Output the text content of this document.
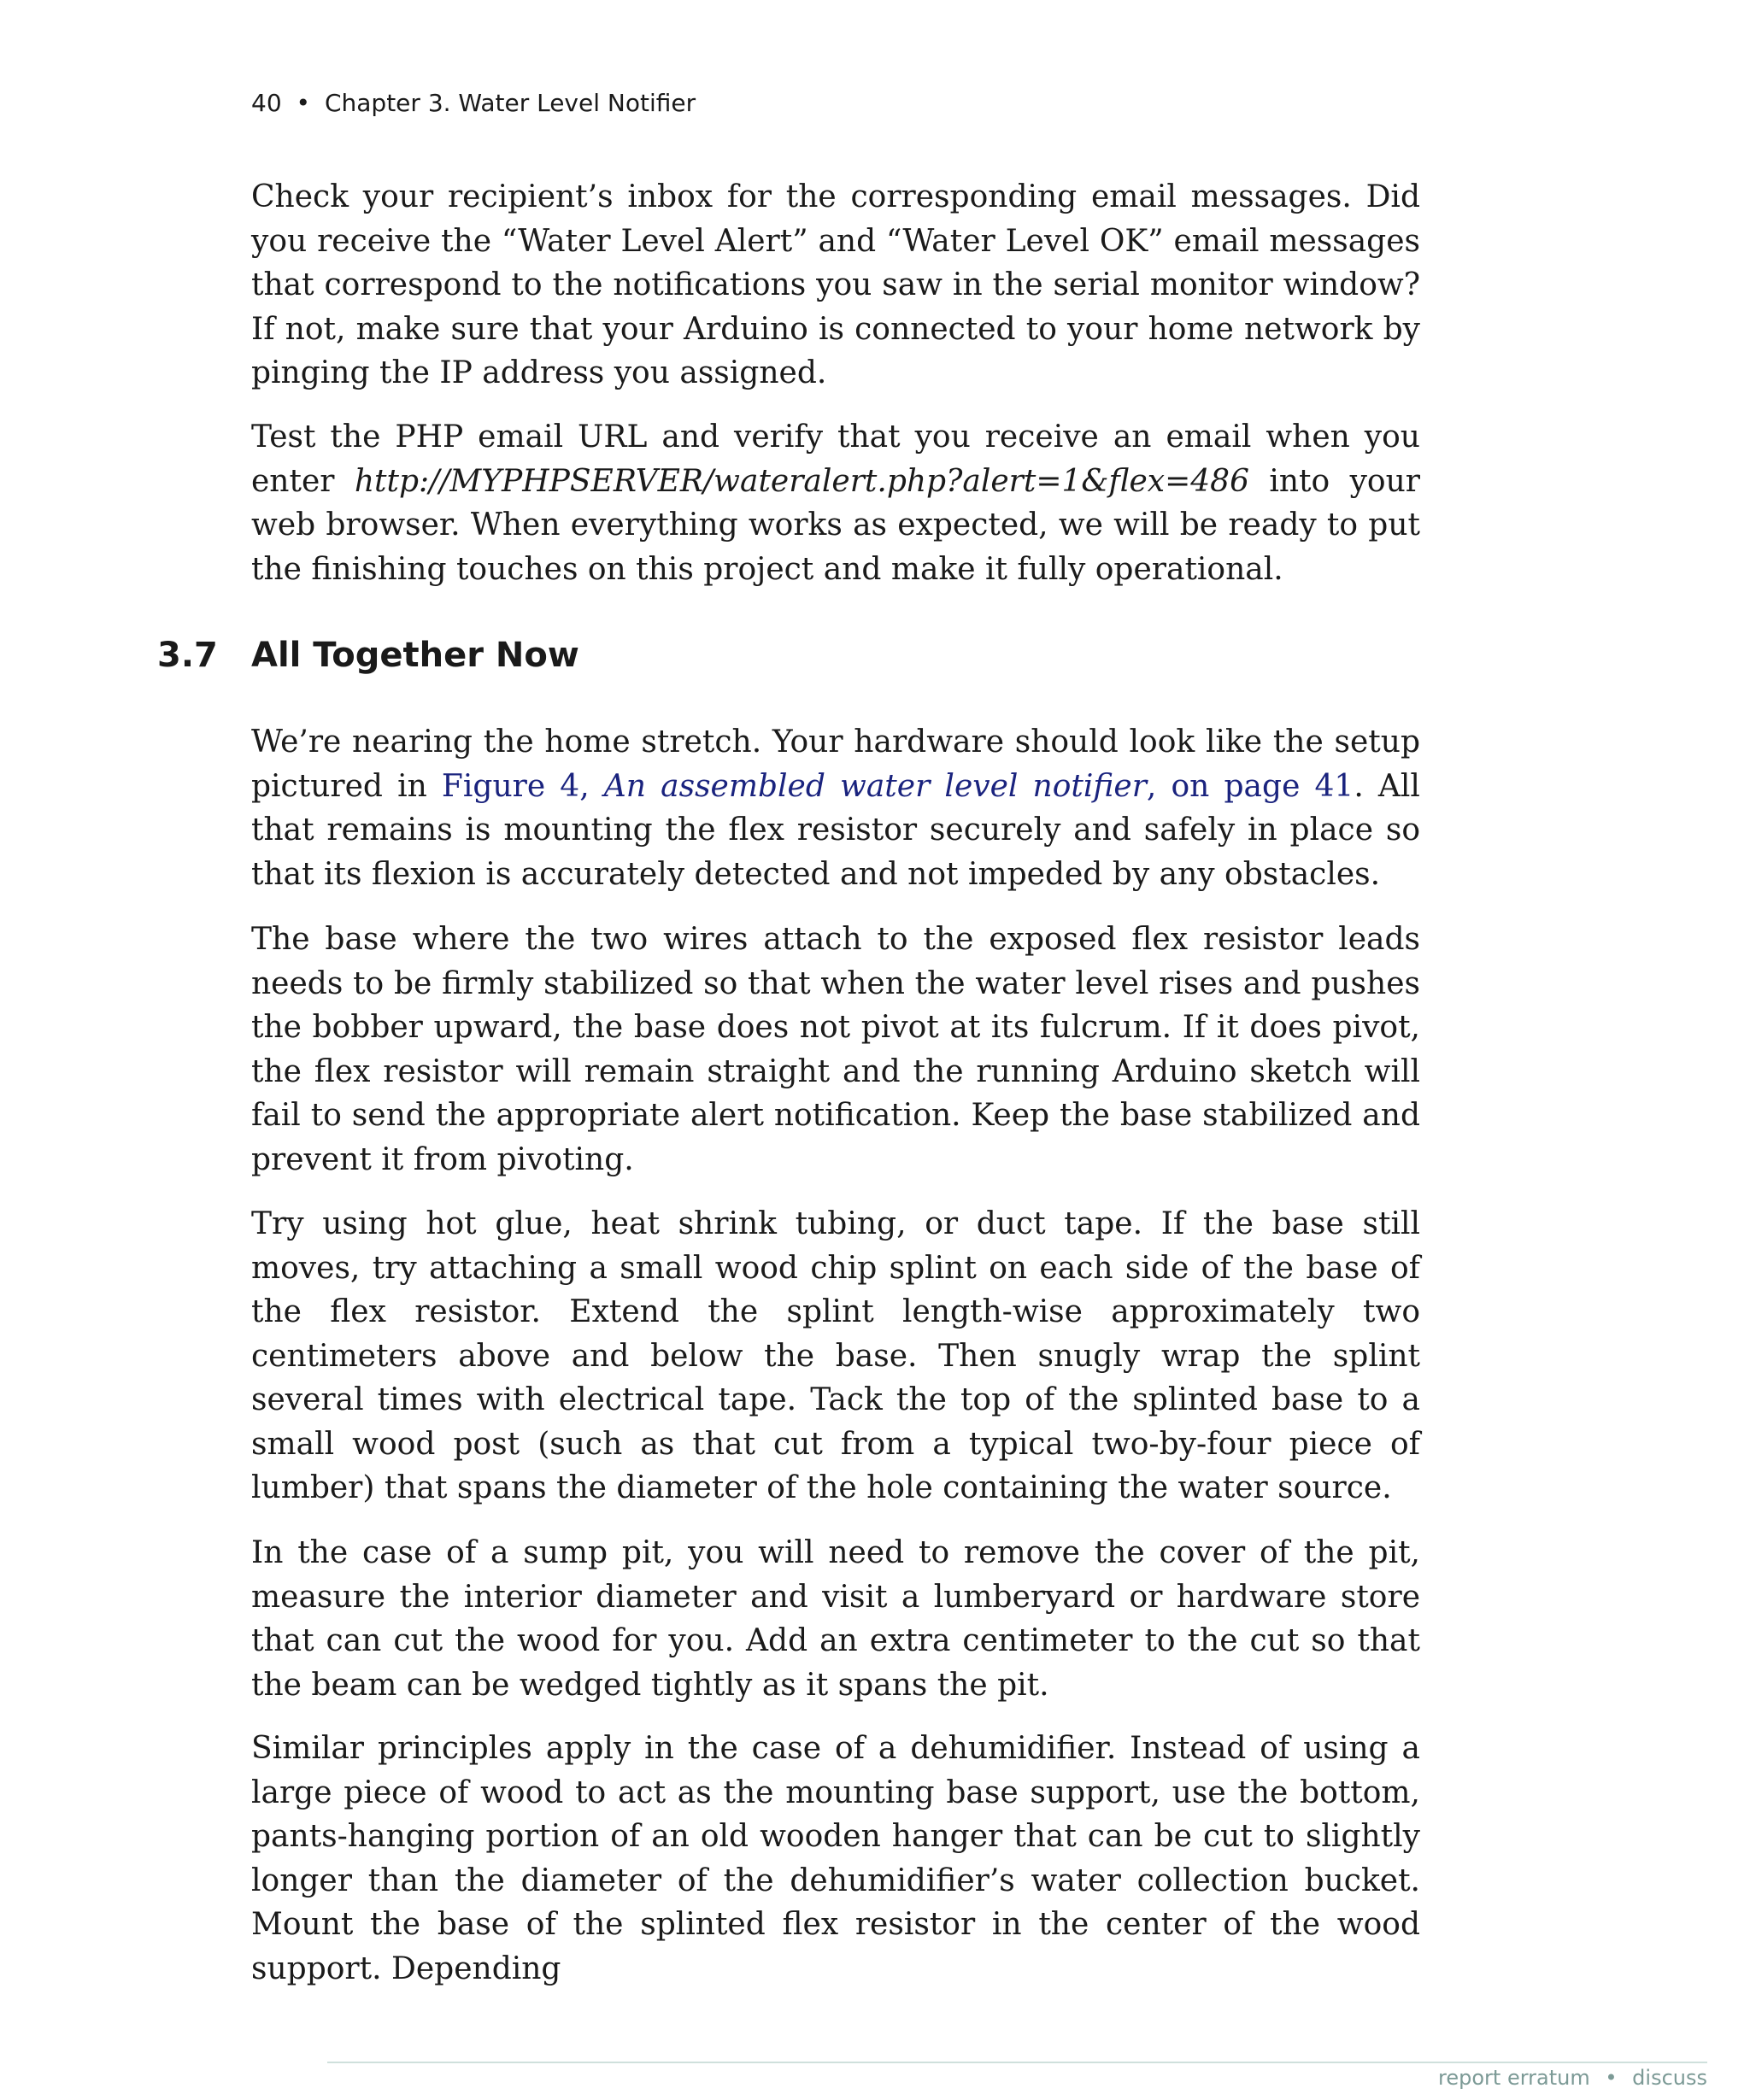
40 • Chapter 3. Water Level Notifier

Check your recipient’s inbox for the corresponding email messages. Did you receive the “Water Level Alert” and “Water Level OK” email messages that correspond to the notifications you saw in the serial monitor window? If not, make sure that your Arduino is connected to your home network by pinging the IP address you assigned.

Test the PHP email URL and verify that you receive an email when you enter http://MYPHPSERVER/wateralert.php?alert=1&flex=486 into your web browser. When everything works as expected, we will be ready to put the finishing touches on this project and make it fully operational.

3.7 All Together Now

We’re nearing the home stretch. Your hardware should look like the setup pictured in Figure 4, An assembled water level notifier, on page 41. All that remains is mounting the flex resistor securely and safely in place so that its flexion is accurately detected and not impeded by any obstacles.

The base where the two wires attach to the exposed flex resistor leads needs to be firmly stabilized so that when the water level rises and pushes the bobber upward, the base does not pivot at its fulcrum. If it does pivot, the flex resistor will remain straight and the running Arduino sketch will fail to send the appropriate alert notification. Keep the base stabilized and prevent it from pivoting.

Try using hot glue, heat shrink tubing, or duct tape. If the base still moves, try attaching a small wood chip splint on each side of the base of the flex resistor. Extend the splint length-wise approximately two centimeters above and below the base. Then snugly wrap the splint several times with electrical tape. Tack the top of the splinted base to a small wood post (such as that cut from a typical two-by-four piece of lumber) that spans the diameter of the hole containing the water source.

In the case of a sump pit, you will need to remove the cover of the pit, measure the interior diameter and visit a lumberyard or hardware store that can cut the wood for you. Add an extra centimeter to the cut so that the beam can be wedged tightly as it spans the pit.

Similar principles apply in the case of a dehumidifier. Instead of using a large piece of wood to act as the mounting base support, use the bottom, pants-hanging portion of an old wooden hanger that can be cut to slightly longer than the diameter of the dehumidifier’s water collection bucket. Mount the base of the splinted flex resistor in the center of the wood support. Depending

report erratum • discuss
